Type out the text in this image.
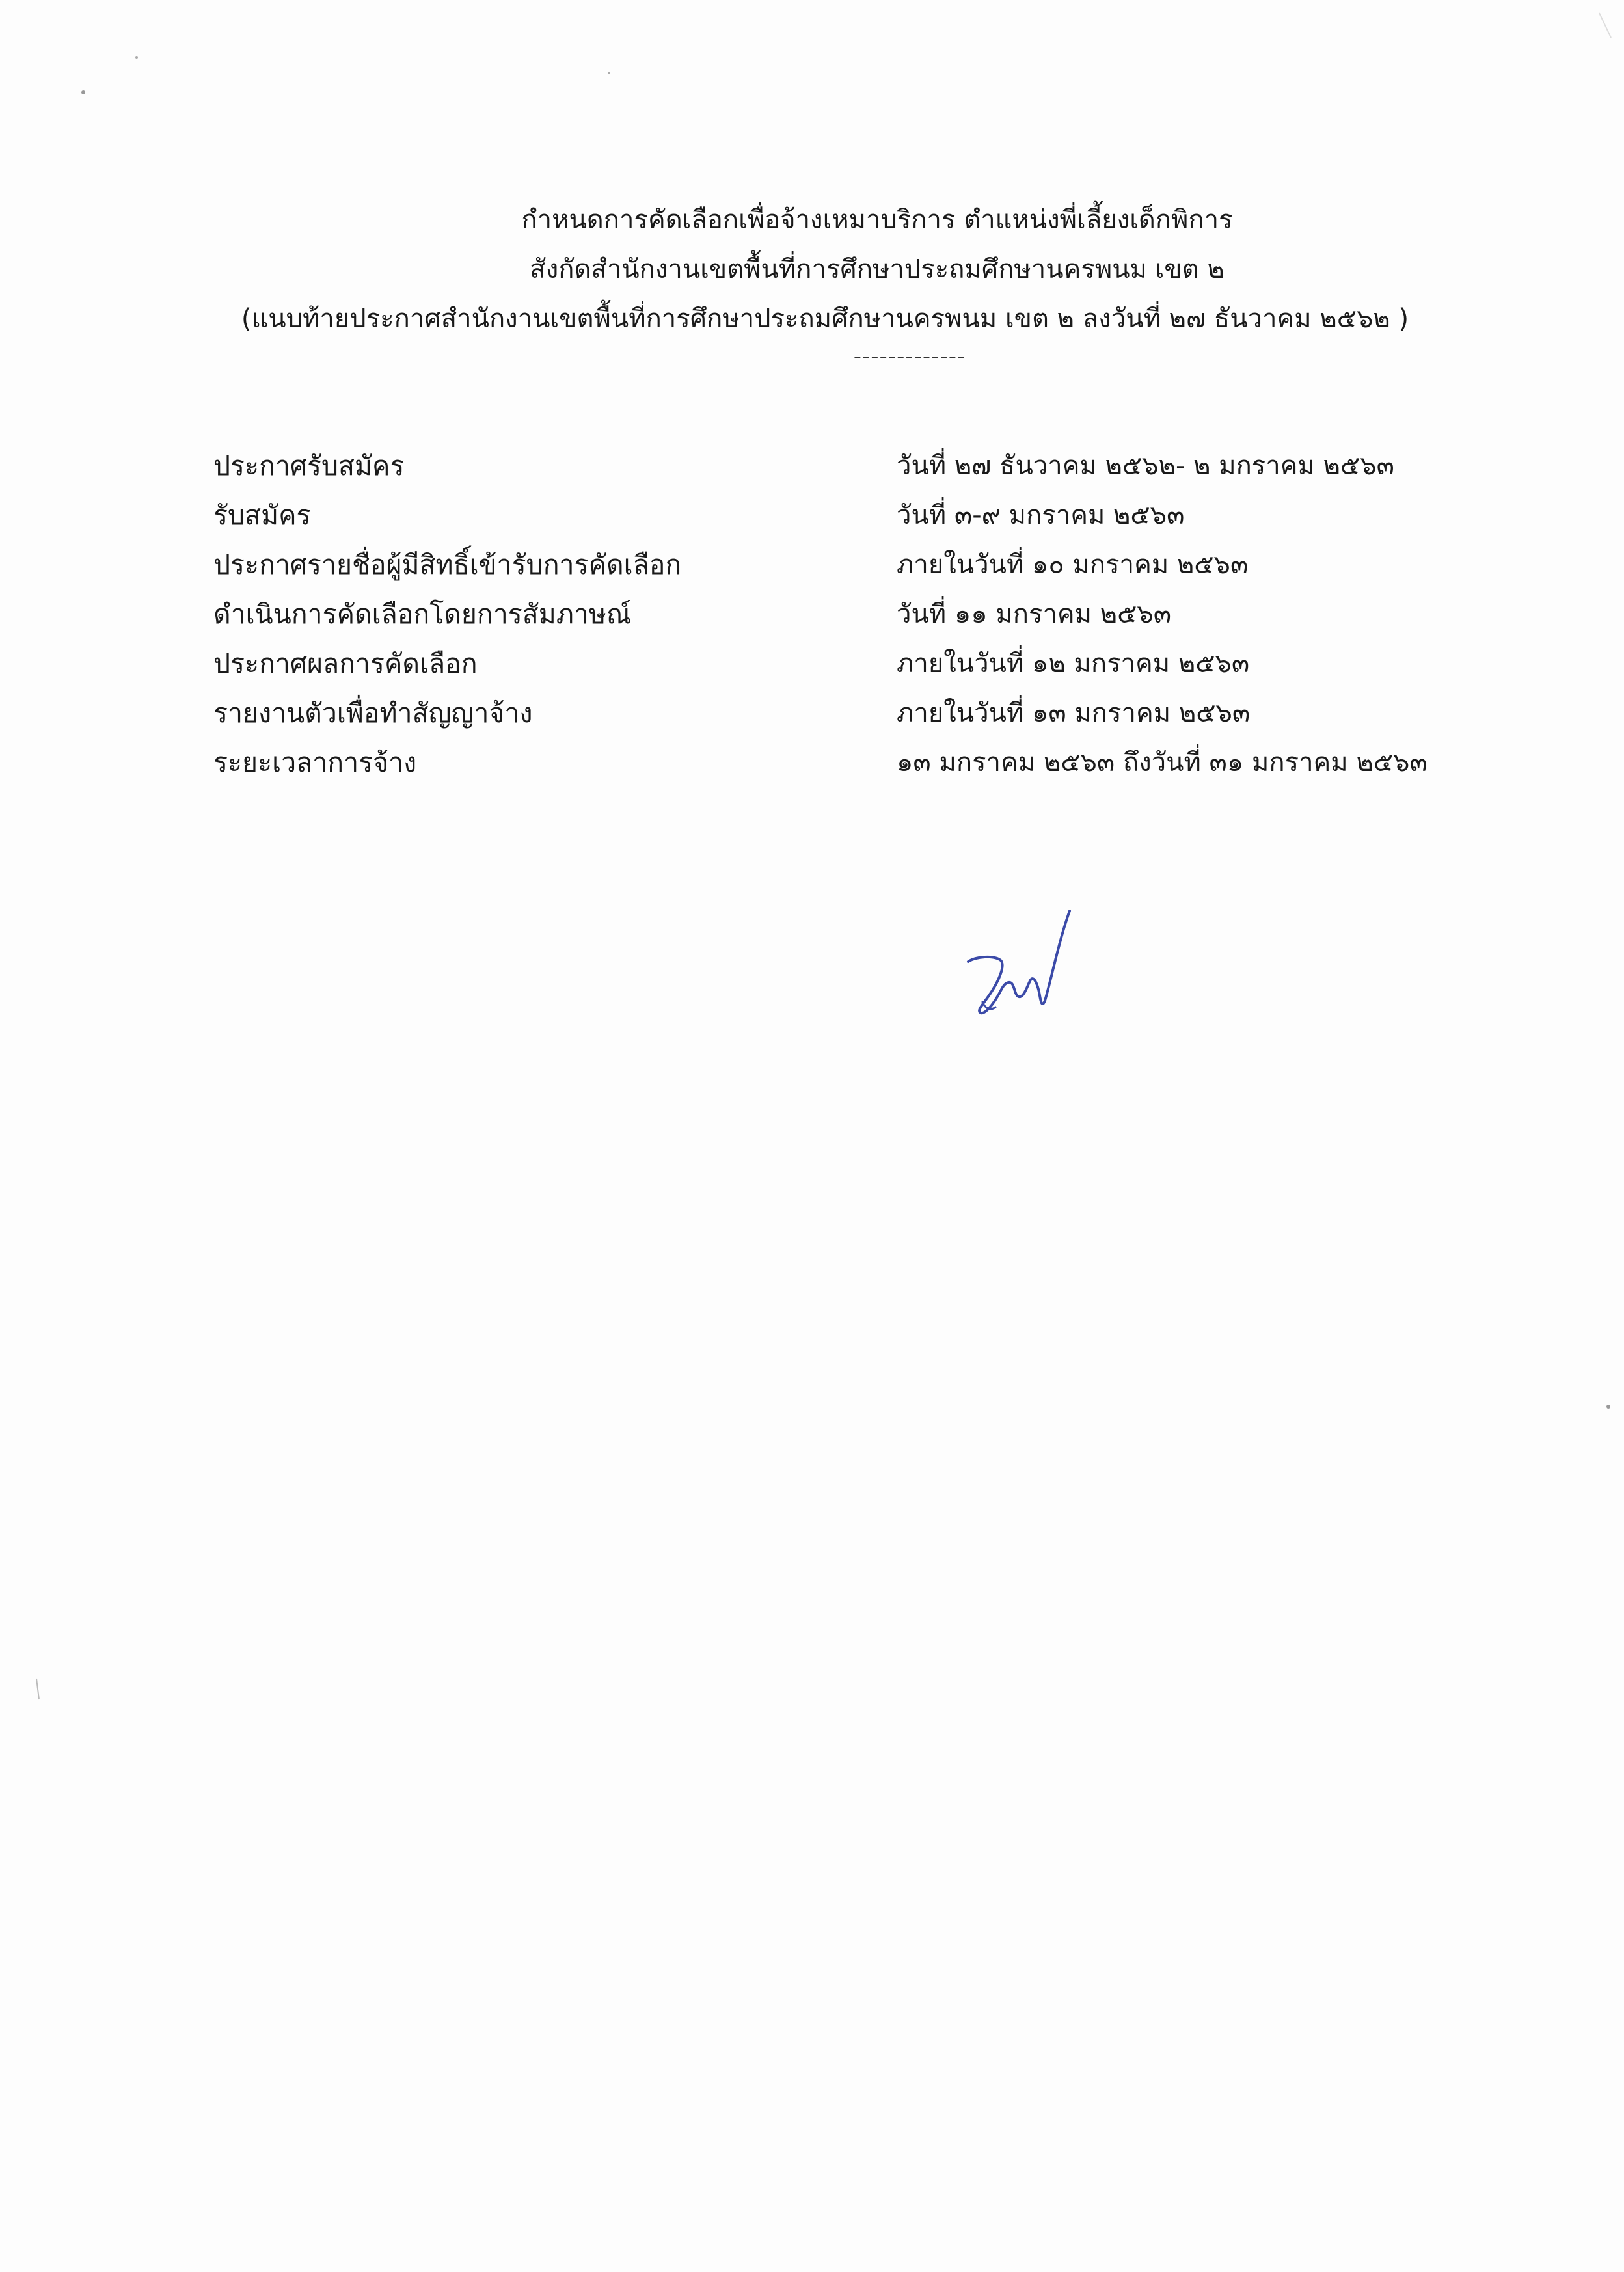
กำหนดการคัดเลือกเพื่อจ้างเหมาบริการ ตำแหน่งพี่เลี้ยงเด็กพิการ
สังกัดสำนักงานเขตพื้นที่การศึกษาประถมศึกษานครพนม เขต ๒
(แนบท้ายประกาศสำนักงานเขตพื้นที่การศึกษาประถมศึกษานครพนม เขต ๒ ลงวันที่ ๒๗ ธันวาคม ๒๕๖๒ )
-------------
ประกาศรับสมัคร	วันที่ ๒๗ ธันวาคม ๒๕๖๒- ๒ มกราคม ๒๕๖๓
รับสมัคร	วันที่ ๓-๙ มกราคม ๒๕๖๓
ประกาศรายชื่อผู้มีสิทธิ์เข้ารับการคัดเลือก	ภายในวันที่ ๑๐ มกราคม ๒๕๖๓
ดำเนินการคัดเลือกโดยการสัมภาษณ์	วันที่ ๑๑ มกราคม ๒๕๖๓
ประกาศผลการคัดเลือก	ภายในวันที่ ๑๒ มกราคม ๒๕๖๓
รายงานตัวเพื่อทำสัญญาจ้าง	ภายในวันที่ ๑๓ มกราคม ๒๕๖๓
ระยะเวลาการจ้าง	๑๓ มกราคม ๒๕๖๓ ถึงวันที่ ๓๑ มกราคม ๒๕๖๓
